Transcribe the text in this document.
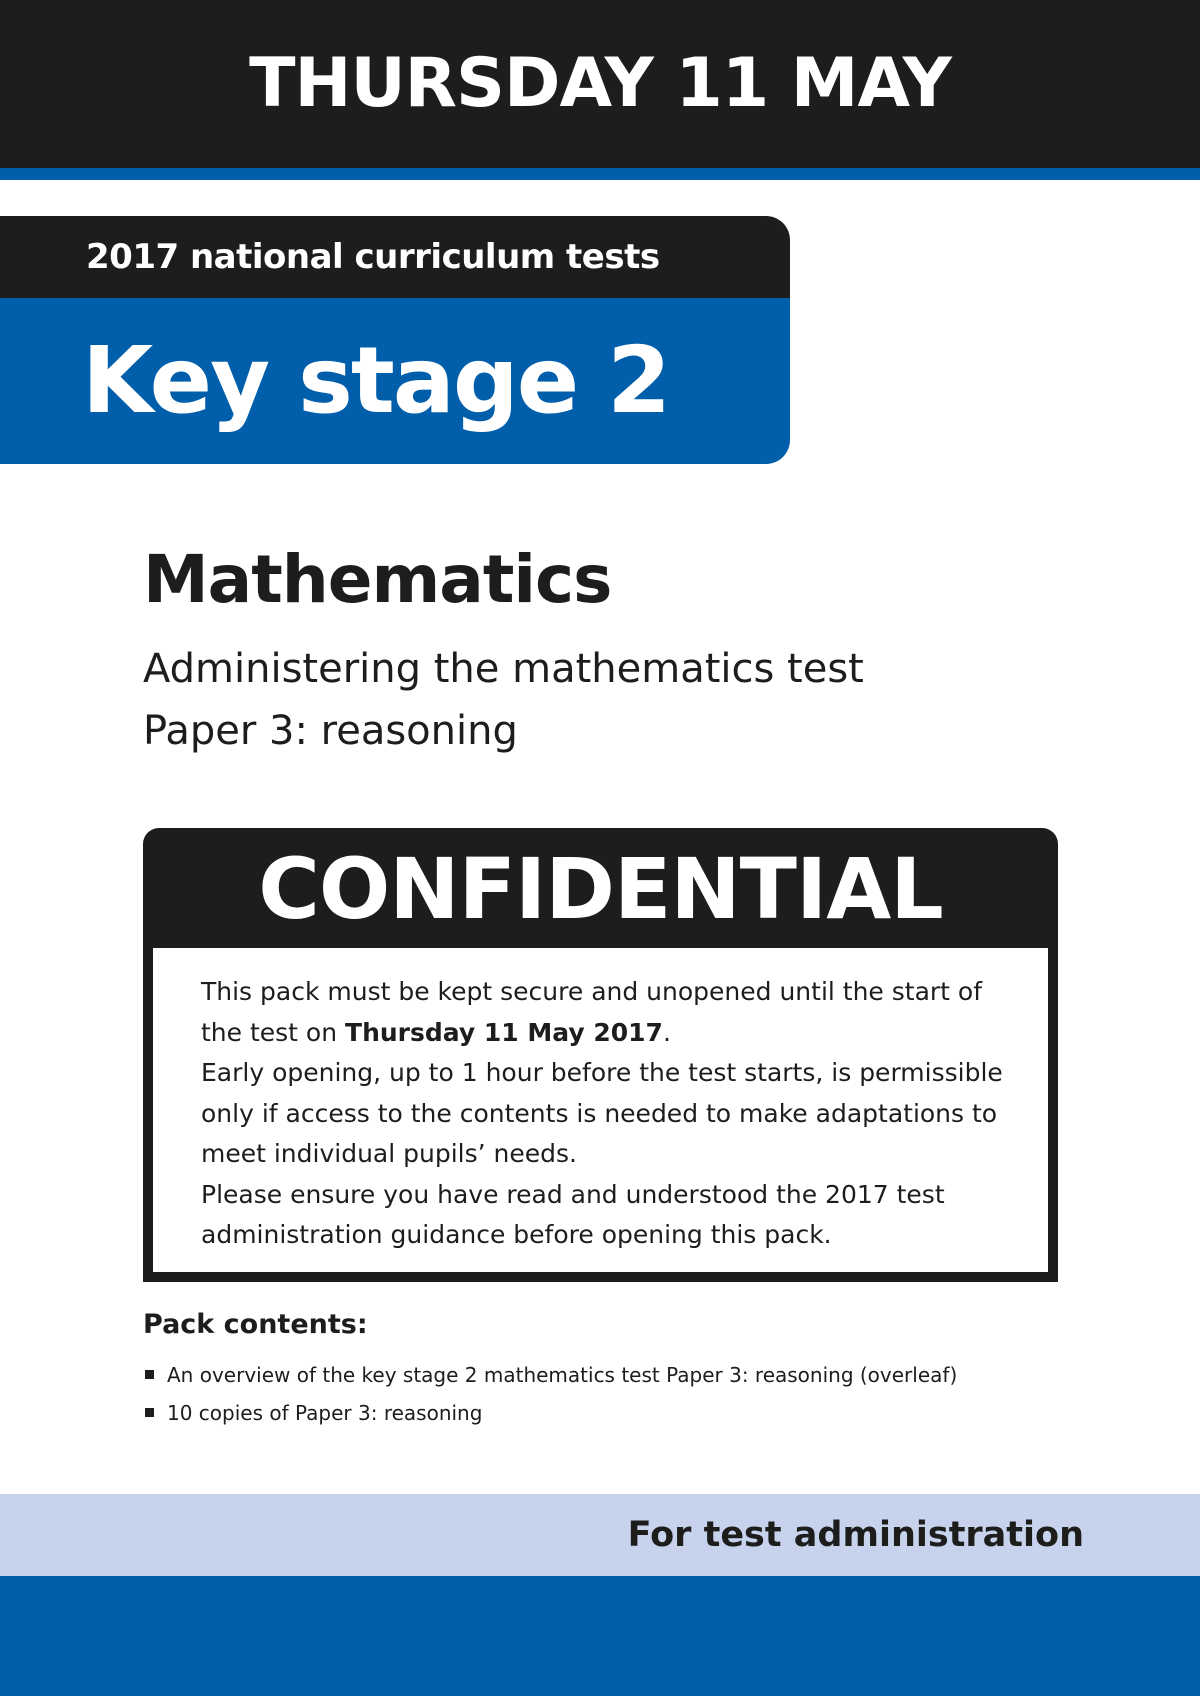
THURSDAY 11 MAY
2017 national curriculum tests
Key stage 2
Mathematics
Administering the mathematics test
Paper 3: reasoning
CONFIDENTIAL

This pack must be kept secure and unopened until the start of the test on Thursday 11 May 2017.

Early opening, up to 1 hour before the test starts, is permissible only if access to the contents is needed to make adaptations to meet individual pupils’ needs.

Please ensure you have read and understood the 2017 test administration guidance before opening this pack.

Pack contents:
An overview of the key stage 2 mathematics test Paper 3: reasoning (overleaf)
10 copies of Paper 3: reasoning
For test administration
